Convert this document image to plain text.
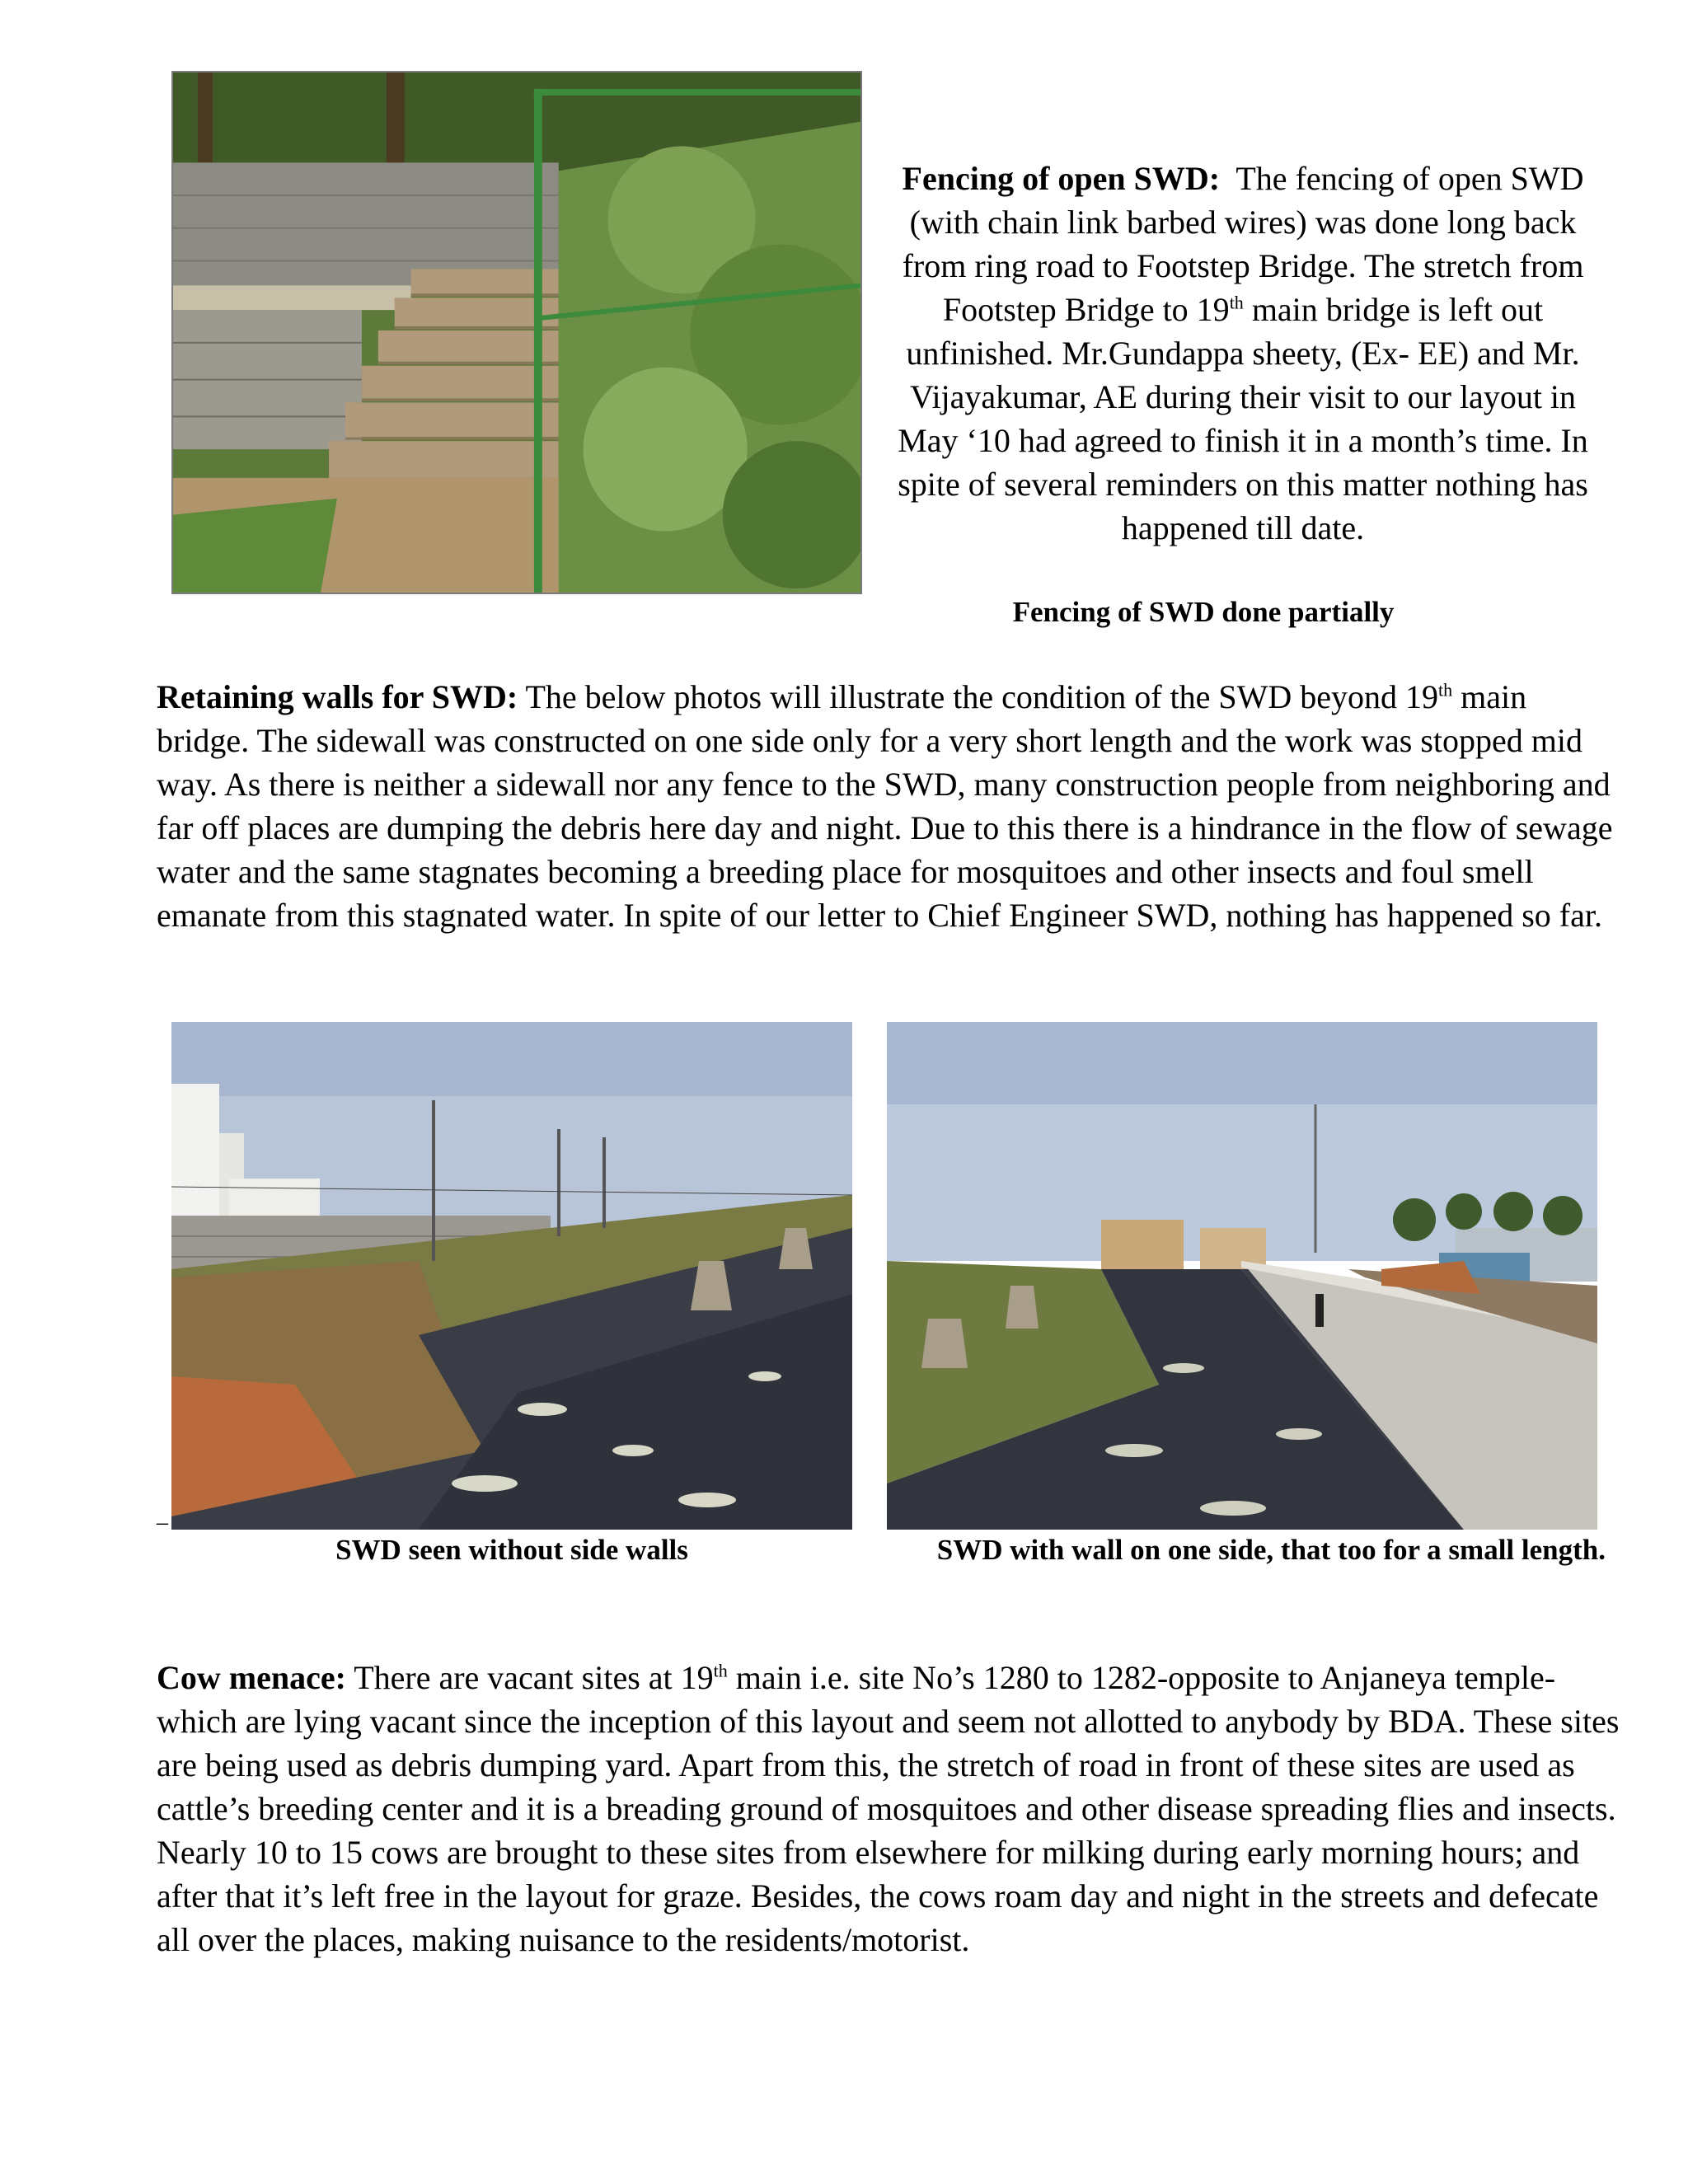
Fencing of open SWD: The fencing of open SWD (with chain link barbed wires) was done long back from ring road to Footstep Bridge. The stretch from Footstep Bridge to 19th main bridge is left out unfinished. Mr.Gundappa sheety, (Ex- EE) and Mr. Vijayakumar, AE during their visit to our layout in May ‘10 had agreed to finish it in a month’s time. In spite of several reminders on this matter nothing has happened till date.
Fencing of SWD done partially
Retaining walls for SWD: The below photos will illustrate the condition of the SWD beyond 19th main bridge. The sidewall was constructed on one side only for a very short length and the work was stopped mid way. As there is neither a sidewall nor any fence to the SWD, many construction people from neighboring and far off places are dumping the debris here day and night. Due to this there is a hindrance in the flow of sewage water and the same stagnates becoming a breeding place for mosquitoes and other insects and foul smell emanate from this stagnated water. In spite of our letter to Chief Engineer SWD, nothing has happened so far.
–
SWD seen without side walls	SWD with wall on one side, that too for a small length.
Cow menace: There are vacant sites at 19th main i.e. site No’s 1280 to 1282-opposite to Anjaneya temple- which are lying vacant since the inception of this layout and seem not allotted to anybody by BDA. These sites are being used as debris dumping yard. Apart from this, the stretch of road in front of these sites are used as cattle’s breeding center and it is a breading ground of mosquitoes and other disease spreading flies and insects. Nearly 10 to 15 cows are brought to these sites from elsewhere for milking during early morning hours; and after that it’s left free in the layout for graze. Besides, the cows roam day and night in the streets and defecate all over the places, making nuisance to the residents/motorist.
